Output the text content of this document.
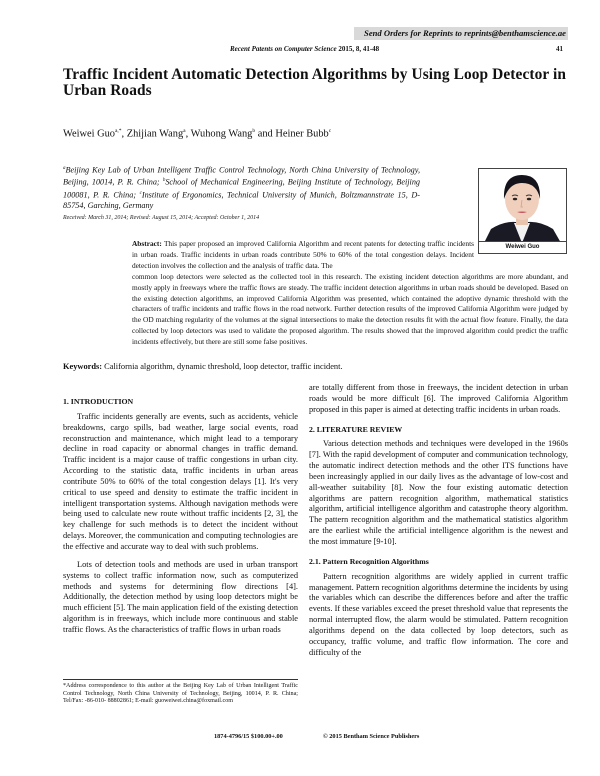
Send Orders for Reprints to reprints@benthamscience.ae
Recent Patents on Computer Science 2015, 8, 41-48	41
Traffic Incident Automatic Detection Algorithms by Using Loop Detector in Urban Roads
Weiwei Guo$^{a,*}$, Zhijian Wang$^a$, Wuhong Wang$^b$ and Heiner Bubb$^c$
$^a$Beijing Key Lab of Urban Intelligent Traffic Control Technology, North China University of Technology, Beijing, 10014, P. R. China; $^b$School of Mechanical Engineering, Beijing Institute of Technology, Beijing 100081, P. R. China; $^c$Institute of Ergonomics, Technical University of Munich, Boltzmannstrate 15, D-85754, Garching, Germany
Received: March 31, 2014; Revised: August 15, 2014; Accepted: October 1, 2014
Weiwei Guo
Abstract: This paper proposed an improved California Algorithm and recent patents for detecting traffic incidents in urban roads. Traffic incidents in urban roads contribute 50% to 60% of the total congestion delays. Incident detection involves the collection and the analysis of traffic data. The
common loop detectors were selected as the collected tool in this research. The existing incident detection algorithms are more abundant, and mostly apply in freeways where the traffic flows are steady. The traffic incident detection algorithms in urban roads should be developed. Based on the existing detection algorithms, an improved California Algorithm was presented, which contained the adoptive dynamic threshold with the characters of traffic incidents and traffic flows in the road network. Further detection results of the improved California Algorithm were judged by the OD matching regularity of the volumes at the signal intersections to make the detection results fit with the actual flow feature. Finally, the data collected by loop detectors was used to validate the proposed algorithm. The results showed that the improved algorithm could predict the traffic incidents effectively, but there are still some false positives.
Keywords: California algorithm, dynamic threshold, loop detector, traffic incident.
1. INTRODUCTION

Traffic incidents generally are events, such as accidents, vehicle breakdowns, cargo spills, bad weather, large social events, road reconstruction and maintenance, which might lead to a temporary decline in road capacity or abnormal changes in traffic demand. Traffic incident is a major cause of traffic congestions in urban city. According to the statistic data, traffic incidents in urban areas contribute 50% to 60% of the total congestion delays [1]. It's very critical to use speed and density to estimate the traffic incident in intelligent transportation systems. Although navigation methods were being used to calculate new route without traffic incidents [2, 3], the key challenge for such methods is to detect the incident without delays. Moreover, the communication and computing technologies are the effective and accurate way to deal with such problems.

Lots of detection tools and methods are used in urban transport systems to collect traffic information now, such as computerized methods and systems for determining flow directions [4]. Additionally, the detection method by using loop detectors might be much efficient [5]. The main application field of the existing detection algorithm is in freeways, which include more continuous and stable traffic flows. As the characteristics of traffic flows in urban roads

are totally different from those in freeways, the incident detection in urban roads would be more difficult [6]. The improved California Algorithm proposed in this paper is aimed at detecting traffic incidents in urban roads.
2. LITERATURE REVIEW

Various detection methods and techniques were developed in the 1960s [7]. With the rapid development of computer and communication technology, the automatic indirect detection methods and the other ITS functions have been increasingly applied in our daily lives as the advantage of low-cost and all-weather suitability [8]. Now the four existing automatic detection algorithms are pattern recognition algorithm, mathematical statistics algorithm, artificial intelligence algorithm and catastrophe theory algorithm. The pattern recognition algorithm and the mathematical statistics algorithm are the earliest while the artificial intelligence algorithm is the newest and the most immature [9-10].

2.1. Pattern Recognition Algorithms

Pattern recognition algorithms are widely applied in current traffic management. Pattern recognition algorithms determine the incidents by using the variables which can describe the differences before and after the traffic events. If these variables exceed the preset threshold value that represents the normal interrupted flow, the alarm would be stimulated. Pattern recognition algorithms depend on the data collected by loop detectors, such as occupancy, traffic volume, and traffic flow information. The core and difficulty of the

*Address correspondence to this author at the Beijing Key Lab of Urban Intelligent Traffic Control Technology, North China University of Technology, Beijing, 10014, P. R. China; Tel/Fax: -86-010- 88802861; E-mail: guoweiwei.china@foxmail.com
1874-4796/15 $100.00+.00	© 2015 Bentham Science Publishers
